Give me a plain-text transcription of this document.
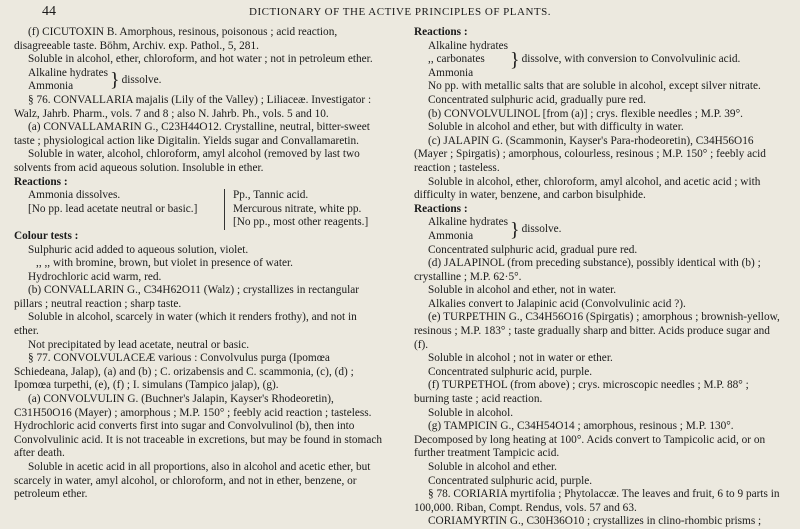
44	DICTIONARY OF THE ACTIVE PRINCIPLES OF PLANTS.

(f) CICUTOXIN B. Amorphous, resinous, poisonous ; acid reaction, disagreeable taste. Böhm, Archiv. exp. Pathol., 5, 281.

Soluble in alcohol, ether, chloroform, and hot water ; not in petroleum ether.

Alkaline hydrates
Ammonia	} dissolve.

§ 76. CONVALLARIA majalis (Lily of the Valley) ; Liliaceæ. Investigator : Walz, Jahrb. Pharm., vols. 7 and 8 ; also N. Jahrb. Ph., vols. 5 and 10.

(a) CONVALLAMARIN G., C23H44O12. Crystalline, neutral, bitter-sweet taste ; physiological action like Digitalin. Yields sugar and Convallamaretin.

Soluble in water, alcohol, chloroform, amyl alcohol (removed by last two solvents from acid aqueous solution. Insoluble in ether.

Reactions :

Ammonia dissolves.
[No pp. lead acetate neutral or basic.]
Pp., Tannic acid.
Mercurous nitrate, white pp.
[No pp., most other reagents.]

Colour tests :

Sulphuric acid added to aqueous solution, violet.

,, ,, with bromine, brown, but violet in presence of water.

Hydrochloric acid warm, red.

(b) CONVALLARIN G., C34H62O11 (Walz) ; crystallizes in rectangular pillars ; neutral reaction ; sharp taste.

Soluble in alcohol, scarcely in water (which it renders frothy), and not in ether.

Not precipitated by lead acetate, neutral or basic.

§ 77. CONVOLVULACEÆ various : Convolvulus purga (Ipomœa Schiedeana, Jalap), (a) and (b) ; C. orizabensis and C. scammonia, (c), (d) ; Ipomœa turpethi, (e), (f) ; I. simulans (Tampico jalap), (g).

(a) CONVOLVULIN G. (Buchner's Jalapin, Kayser's Rhodeoretin), C31H50O16 (Mayer) ; amorphous ; M.P. 150° ; feebly acid reaction ; tasteless. Hydrochloric acid converts first into sugar and Convolvulinol (b), then into Convolvulinic acid. It is not traceable in excretions, but may be found in stomach after death.

Soluble in acetic acid in all proportions, also in alcohol and acetic ether, but scarcely in water, amyl alcohol, or chloroform, and not in ether, benzene, or petroleum ether.

Reactions :

Alkaline hydrates
,, carbonates
Ammonia
} dissolve, with conversion to Convolvulinic acid.

No pp. with metallic salts that are soluble in alcohol, except silver nitrate.

Concentrated sulphuric acid, gradually pure red.

(b) CONVOLVULINOL [from (a)] ; crys. flexible needles ; M.P. 39°.

Soluble in alcohol and ether, but with difficulty in water.

(c) JALAPIN G. (Scammonin, Kayser's Para-rhodeoretin), C34H56O16 (Mayer ; Spirgatis) ; amorphous, colourless, resinous ; M.P. 150° ; feebly acid reaction ; tasteless.

Soluble in alcohol, ether, chloroform, amyl alcohol, and acetic acid ; with difficulty in water, benzene, and carbon bisulphide.

Reactions :

Alkaline hydrates
Ammonia	} dissolve.

Concentrated sulphuric acid, gradual pure red.

(d) JALAPINOL (from preceding substance), possibly identical with (b) ; crystalline ; M.P. 62·5°.

Soluble in alcohol and ether, not in water.

Alkalies convert to Jalapinic acid (Convolvulinic acid ?).

(e) TURPETHIN G., C34H56O16 (Spirgatis) ; amorphous ; brownish-yellow, resinous ; M.P. 183° ; taste gradually sharp and bitter. Acids produce sugar and (f).

Soluble in alcohol ; not in water or ether.

Concentrated sulphuric acid, purple.

(f) TURPETHOL (from above) ; crys. microscopic needles ; M.P. 88° ; burning taste ; acid reaction.

Soluble in alcohol.

(g) TAMPICIN G., C34H54O14 ; amorphous, resinous ; M.P. 130°. Decomposed by long heating at 100°. Acids convert to Tampicolic acid, or on further treatment Tampicic acid.

Soluble in alcohol and ether.

Concentrated sulphuric acid, purple.

§ 78. CORIARIA myrtifolia ; Phytolaccæ. The leaves and fruit, 6 to 9 parts in 100,000. Riban, Compt. Rendus, vols. 57 and 63.

CORIAMYRTIN G., C30H36O10 ; crystallizes in clino-rhombic prisms ;
